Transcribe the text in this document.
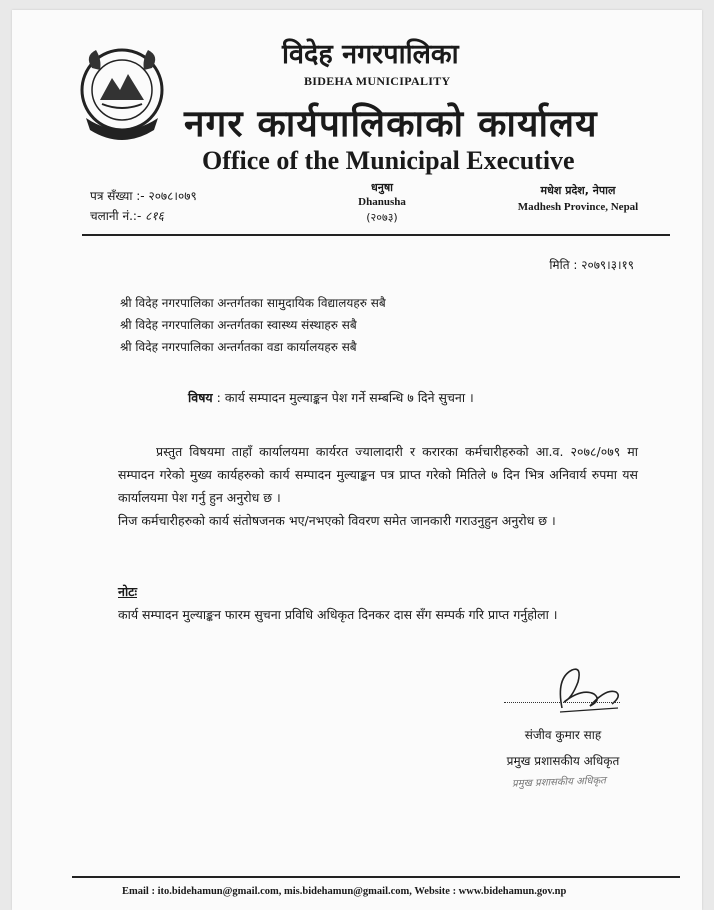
विदेह नगरपालिका
BIDEHA MUNICIPALITY
नगर कार्यपालिकाको कार्यालय
Office of the Municipal Executive
पत्र सँख्या :- २०७८।०७९
चलानी नं.:- ८१६
धनुषा
Dhanusha
(२०७३)
मधेश प्रदेश, नेपाल
Madhesh Province, Nepal
मिति : २०७९।३।१९
श्री विदेह नगरपालिका अन्तर्गतका सामुदायिक विद्यालयहरु सबै
श्री विदेह नगरपालिका अन्तर्गतका स्वास्थ्य संस्थाहरु सबै
श्री विदेह नगरपालिका अन्तर्गतका वडा कार्यालयहरु सबै
विषय : कार्य सम्पादन मुल्याङ्कन पेश गर्ने सम्बन्धि ७ दिने सुचना ।

प्रस्तुत विषयमा ताहाँ कार्यालयमा कार्यरत ज्यालादारी र करारका कर्मचारीहरुको आ.व. २०७८/०७९ मा सम्पादन गरेको मुख्य कार्यहरुको कार्य सम्पादन मुल्याङ्कन पत्र प्राप्त गरेको मितिले ७ दिन भित्र अनिवार्य रुपमा यस कार्यालयमा पेश गर्नु हुन अनुरोध छ ।

निज कर्मचारीहरुको कार्य संतोषजनक भए/नभएको विवरण समेत जानकारी गराउनुहुन अनुरोध छ ।

नोटः
कार्य सम्पादन मुल्याङ्कन फारम सुचना प्रविधि अधिकृत दिनकर दास सँग सम्पर्क गरि प्राप्त गर्नुहोला ।
संजीव कुमार साह
प्रमुख प्रशासकीय अधिकृत
प्रमुख प्रशासकीय अधिकृत
Email : ito.bidehamun@gmail.com, mis.bidehamun@gmail.com, Website : www.bidehamun.gov.np
